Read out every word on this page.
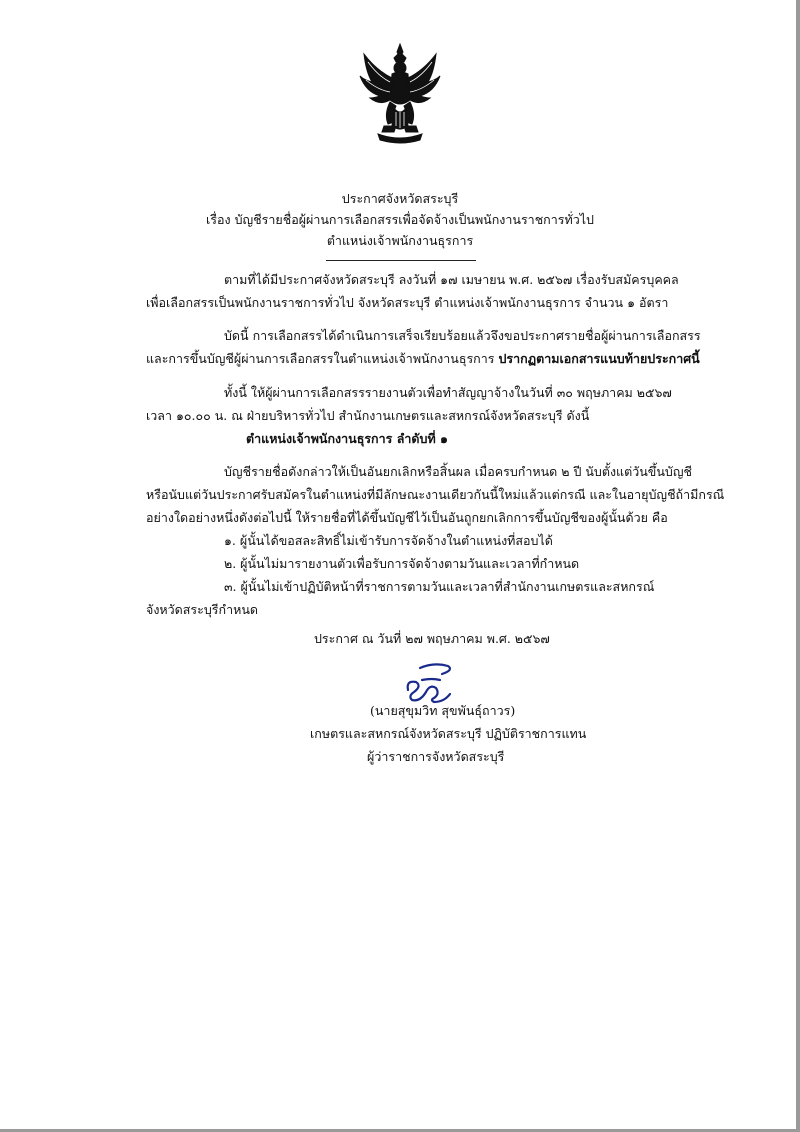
ประกาศจังหวัดสระบุรี
เรื่อง บัญชีรายชื่อผู้ผ่านการเลือกสรรเพื่อจัดจ้างเป็นพนักงานราชการทั่วไป
ตำแหน่งเจ้าพนักงานธุรการ
ตามที่ได้มีประกาศจังหวัดสระบุรี ลงวันที่ ๑๗ เมษายน พ.ศ. ๒๕๖๗ เรื่องรับสมัครบุคคล
เพื่อเลือกสรรเป็นพนักงานราชการทั่วไป จังหวัดสระบุรี ตำแหน่งเจ้าพนักงานธุรการ จำนวน ๑ อัตรา
บัดนี้ การเลือกสรรได้ดำเนินการเสร็จเรียบร้อยแล้วจึงขอประกาศรายชื่อผู้ผ่านการเลือกสรร
และการขึ้นบัญชีผู้ผ่านการเลือกสรรในตำแหน่งเจ้าพนักงานธุรการ ปรากฏตามเอกสารแนบท้ายประกาศนี้
ทั้งนี้ ให้ผู้ผ่านการเลือกสรรรายงานตัวเพื่อทำสัญญาจ้างในวันที่ ๓๐ พฤษภาคม ๒๕๖๗
เวลา ๑๐.๐๐ น. ณ ฝ่ายบริหารทั่วไป สำนักงานเกษตรและสหกรณ์จังหวัดสระบุรี ดังนี้
ตำแหน่งเจ้าพนักงานธุรการ ลำดับที่ ๑
บัญชีรายชื่อดังกล่าวให้เป็นอันยกเลิกหรือสิ้นผล เมื่อครบกำหนด ๒ ปี นับตั้งแต่วันขึ้นบัญชี
หรือนับแต่วันประกาศรับสมัครในตำแหน่งที่มีลักษณะงานเดียวกันนี้ใหม่แล้วแต่กรณี และในอายุบัญชีถ้ามีกรณี
อย่างใดอย่างหนึ่งดังต่อไปนี้ ให้รายชื่อที่ได้ขึ้นบัญชีไว้เป็นอันถูกยกเลิกการขึ้นบัญชีของผู้นั้นด้วย คือ
๑. ผู้นั้นได้ขอสละสิทธิ์ไม่เข้ารับการจัดจ้างในตำแหน่งที่สอบได้
๒. ผู้นั้นไม่มารายงานตัวเพื่อรับการจัดจ้างตามวันและเวลาที่กำหนด
๓. ผู้นั้นไม่เข้าปฏิบัติหน้าที่ราชการตามวันและเวลาที่สำนักงานเกษตรและสหกรณ์
จังหวัดสระบุรีกำหนด
ประกาศ ณ วันที่ ๒๗ พฤษภาคม พ.ศ. ๒๕๖๗
(นายสุขุมวิท สุขพันธุ์ถาวร)
เกษตรและสหกรณ์จังหวัดสระบุรี ปฏิบัติราชการแทน
ผู้ว่าราชการจังหวัดสระบุรี
